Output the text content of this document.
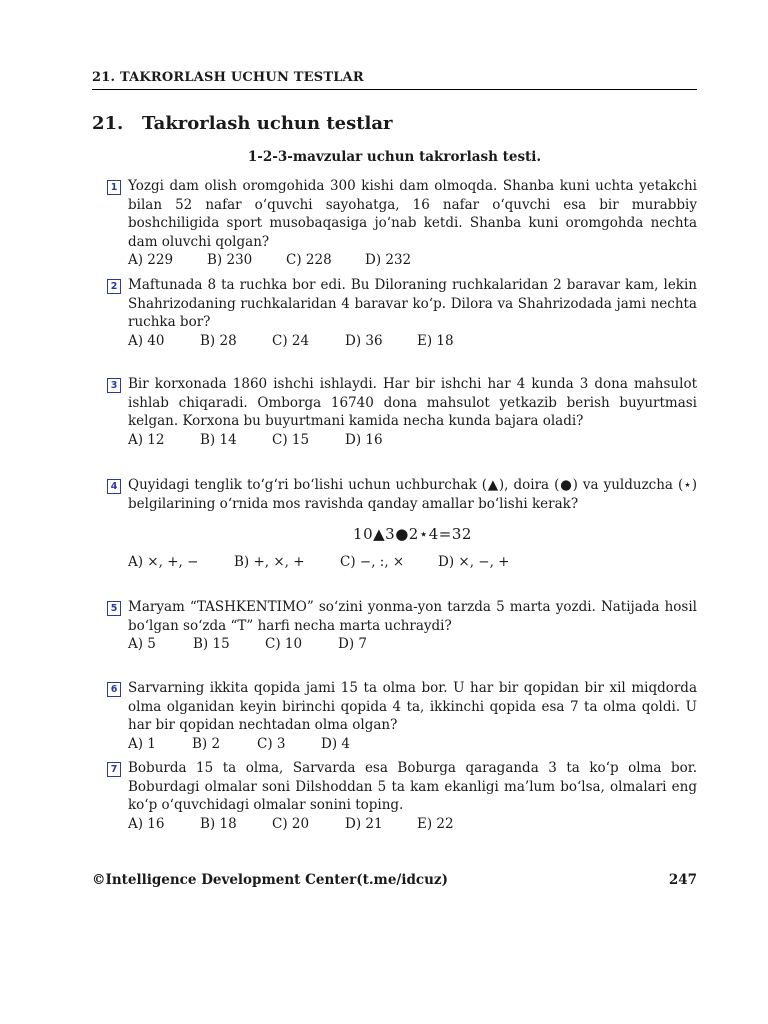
21. TAKRORLASH UCHUN TESTLAR
21. Takrorlash uchun testlar
1-2-3-mavzular uchun takrorlash testi.
1 Yozgi dam olish oromgohida 300 kishi dam olmoqda. Shanba kuni uchta yetakchi bilan 52 nafar o‘quvchi sayohatga, 16 nafar o‘quvchi esa bir murabbiy boshchiligida sport musobaqasiga jo‘nab ketdi. Shanba kuni oromgohda nechta dam oluvchi qolgan?
A) 229	B) 230	C) 228 D) 232
2 Maftunada 8 ta ruchka bor edi. Bu Diloraning ruchkalaridan 2 baravar kam, lekin Shahrizodaning ruchkalaridan 4 baravar ko‘p. Dilora va Shahrizodada jami nechta ruchka bor?
A) 40	B) 28	C) 24	D) 36	E) 18
3 Bir korxonada 1860 ishchi ishlaydi. Har bir ishchi har 4 kunda 3 dona mahsulot ishlab chiqaradi. Omborga 16740 dona mahsulot yetkazib berish buyurtmasi kelgan. Korxona bu buyurtmani kamida necha kunda bajara oladi?
A) 12	B) 14	C) 15	D) 16
4 Quyidagi tenglik to‘g‘ri bo‘lishi uchun uchburchak (▲), doira (●) va yulduzcha (⋆) belgilarining o‘rnida mos ravishda qanday amallar bo‘lishi kerak?
10▲3●2⋆4=32
A) ×, +, −	B) +, ×, +	C) −, :, ×	D) ×, −, +
5 Maryam “TASHKENTIMO” so‘zini yonma-yon tarzda 5 marta yozdi. Natijada hosil bo‘lgan so‘zda “T” harfi necha marta uchraydi?
A) 5	B) 15	C) 10	D) 7
6 Sarvarning ikkita qopida jami 15 ta olma bor. U har bir qopidan bir xil miqdorda olma olganidan keyin birinchi qopida 4 ta, ikkinchi qopida esa 7 ta olma qoldi. U har bir qopidan nechtadan olma olgan?
A) 1	B) 2	C) 3	D) 4
7 Boburda 15 ta olma, Sarvarda esa Boburga qaraganda 3 ta ko‘p olma bor. Boburdagi olmalar soni Dilshoddan 5 ta kam ekanligi ma’lum bo‘lsa, olmalari eng ko‘p o‘quvchidagi olmalar sonini toping.
A) 16	B) 18	C) 20	D) 21	E) 22
©Intelligence Development Center(t.me/idcuz)	247
